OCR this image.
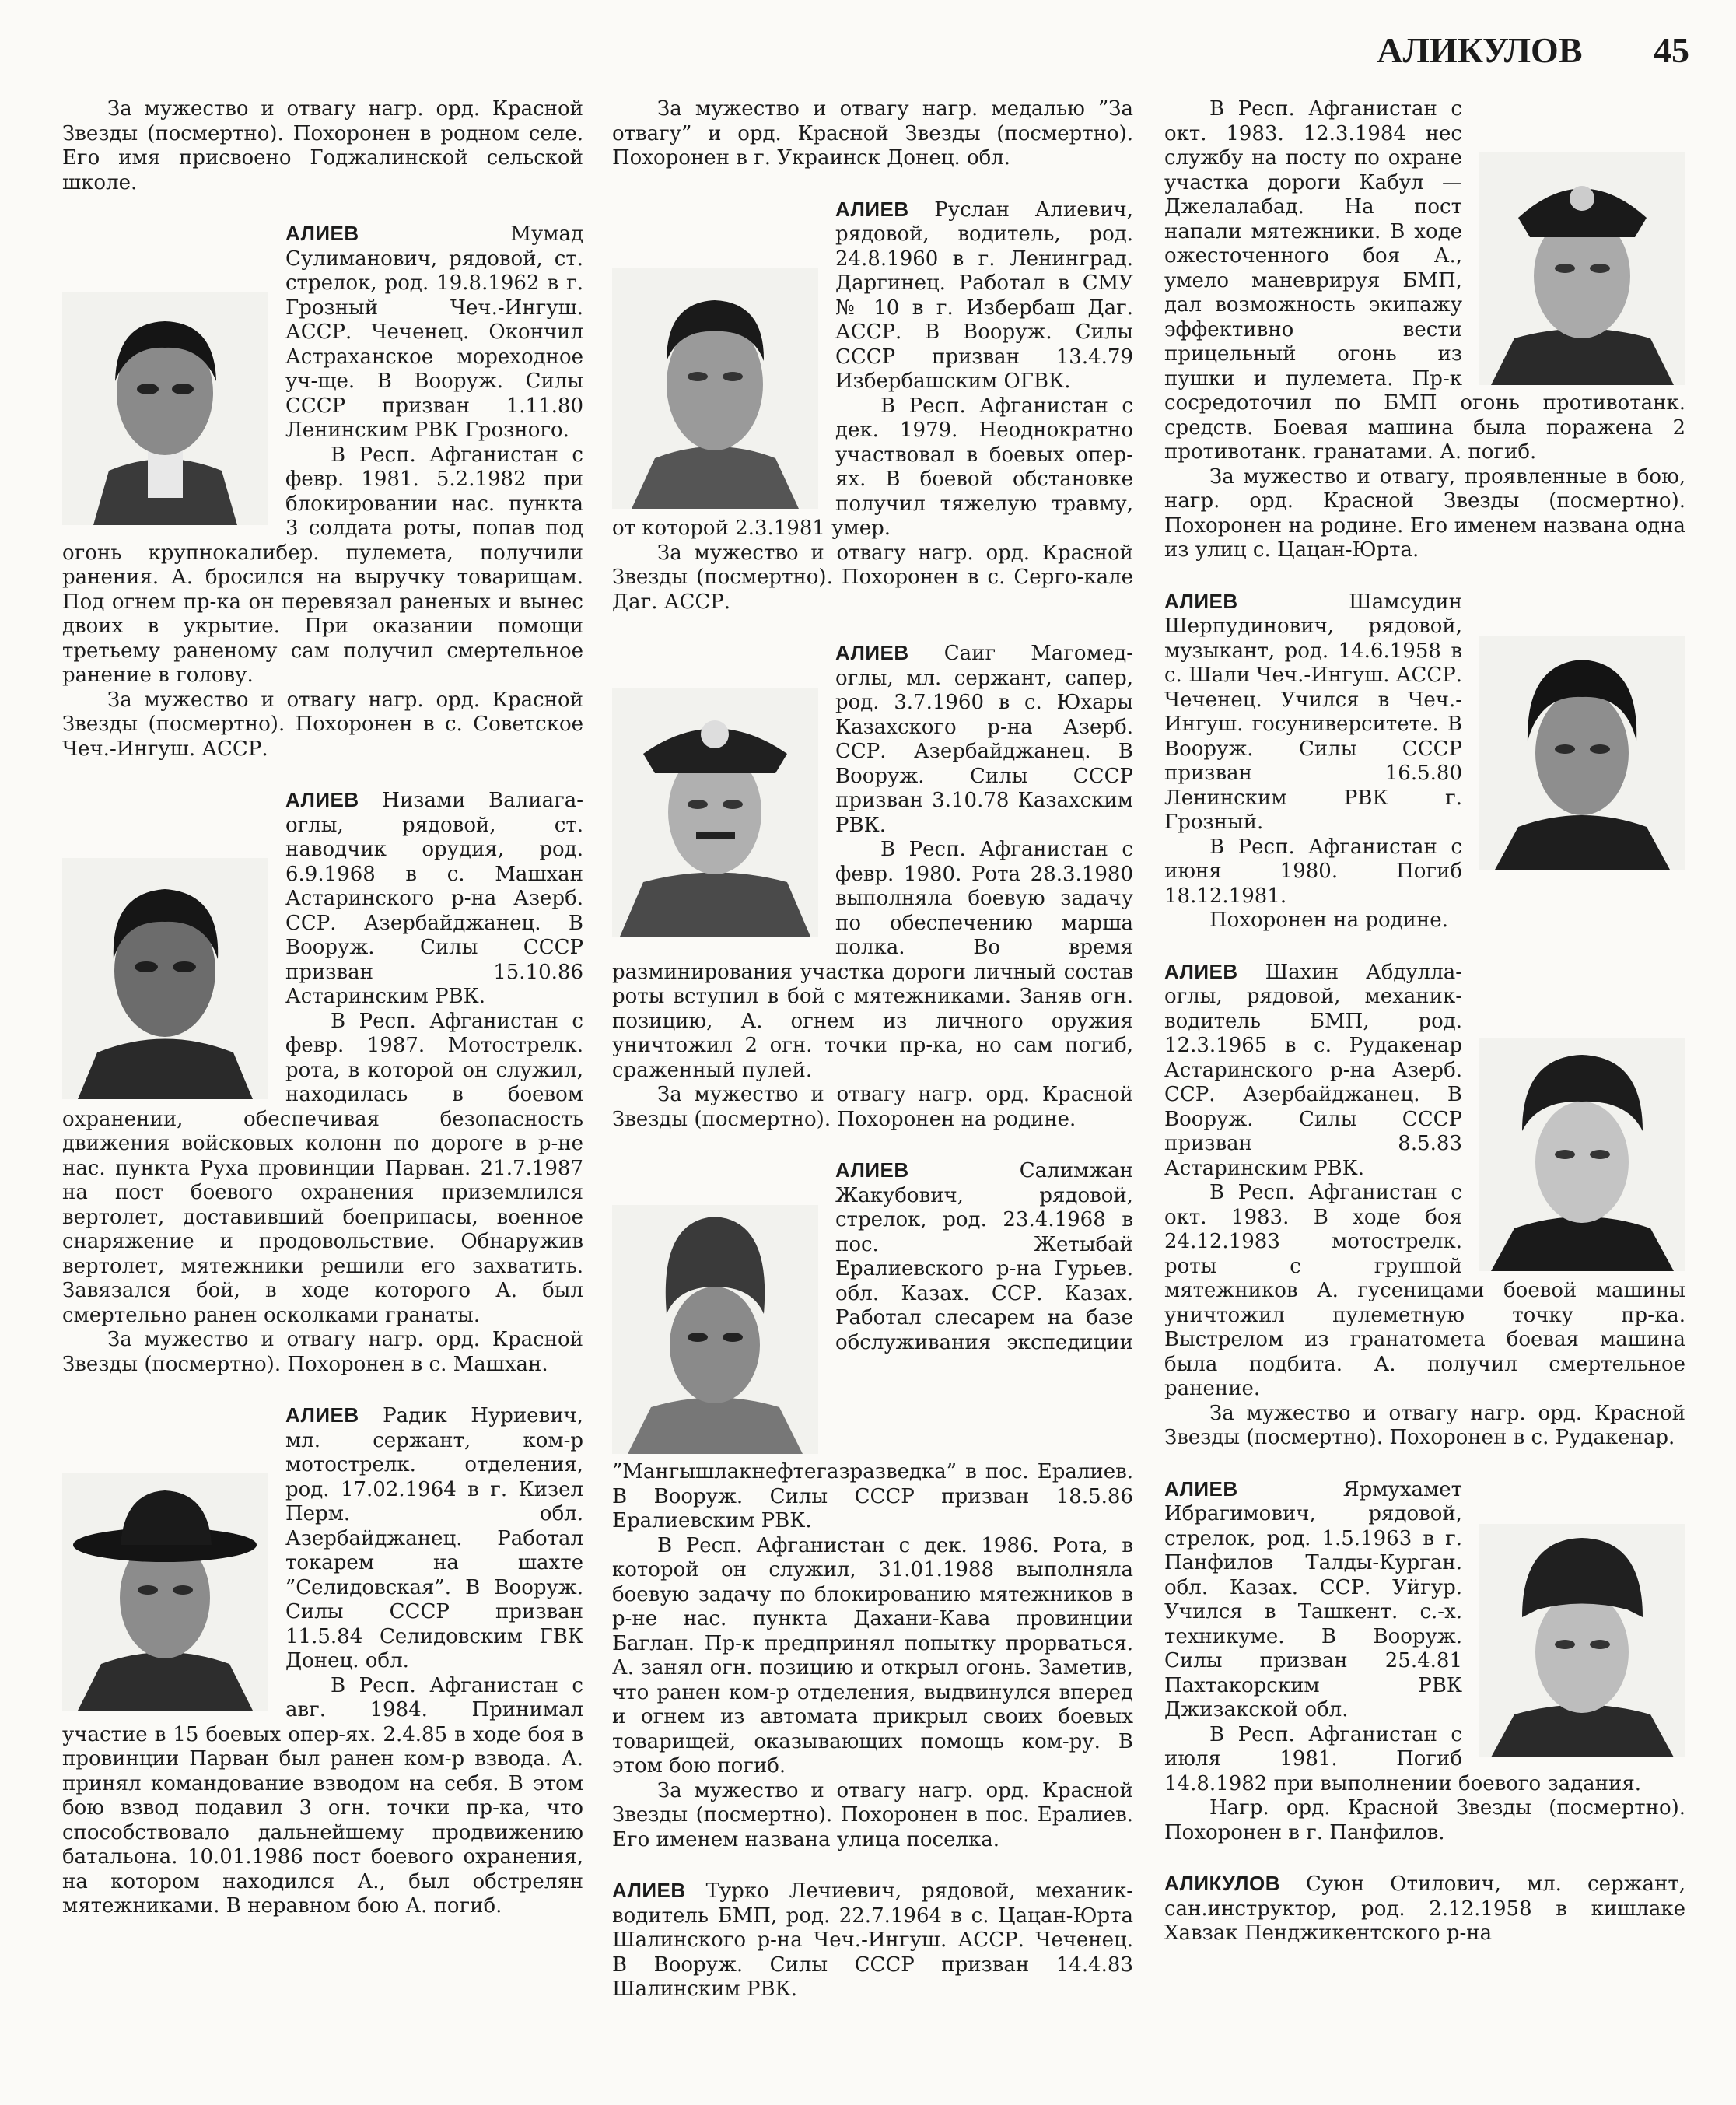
АЛИКУЛОВ 45

За мужество и отвагу нагр. орд. Красной Звезды (посмертно). Похоронен в родном селе. Его имя присвоено Годжалинской сельской школе.

АЛИЕВ Мумад Сулиманович, рядовой, ст. стрелок, род. 19.8.1962 в г. Грозный Чеч.-Ингуш. АССР. Чеченец. Окончил Астраханское мореходное уч-ще. В Вооруж. Силы СССР призван 1.11.80 Ленинским РВК Грозного.

В Респ. Афганистан с февр. 1981. 5.2.1982 при блокировании нас. пункта 3 солдата роты, попав под огонь крупнокалибер. пулемета, получили ранения. А. бросился на выручку товарищам. Под огнем пр-ка он перевязал раненых и вынес двоих в укрытие. При оказании помощи третьему раненому сам получил смертельное ранение в голову.

За мужество и отвагу нагр. орд. Красной Звезды (посмертно). Похоронен в с. Советское Чеч.-Ингуш. АССР.

АЛИЕВ Низами Валиага-оглы, рядовой, ст. наводчик орудия, род. 6.9.1968 в с. Машхан Астаринского р-на Азерб. ССР. Азербайджанец. В Вооруж. Силы СССР призван 15.10.86 Астаринским РВК.

В Респ. Афганистан с февр. 1987. Мотострелк. рота, в которой он служил, находилась в боевом охранении, обеспечивая безопасность движения войсковых колонн по дороге в р-не нас. пункта Руха провинции Парван. 21.7.1987 на пост боевого охранения приземлился вертолет, доставивший боеприпасы, военное снаряжение и продовольствие. Обнаружив вертолет, мятежники решили его захватить. Завязался бой, в ходе которого А. был смертельно ранен осколками гранаты.

За мужество и отвагу нагр. орд. Красной Звезды (посмертно). Похоронен в с. Машхан.

АЛИЕВ Радик Нуриевич, мл. сержант, ком-р мотострелк. отделения, род. 17.02.1964 в г. Кизел Перм. обл. Азербайджанец. Работал токарем на шахте ”Селидовская”. В Вооруж. Силы СССР призван 11.5.84 Селидовским ГВК Донец. обл.

В Респ. Афганистан с авг. 1984. Принимал участие в 15 боевых опер-ях. 2.4.85 в ходе боя в провинции Парван был ранен ком-р взвода. А. принял командование взводом на себя. В этом бою взвод подавил 3 огн. точки пр-ка, что способствовало дальнейшему продвижению батальона. 10.01.1986 пост боевого охранения, на котором находился А., был обстрелян мятежниками. В неравном бою А. погиб.

За мужество и отвагу нагр. медалью ”За отвагу” и орд. Красной Звезды (посмертно). Похоронен в г. Украинск Донец. обл.

АЛИЕВ Руслан Алиевич, рядовой, водитель, род. 24.8.1960 в г. Ленинград. Даргинец. Работал в СМУ № 10 в г. Избербаш Даг. АССР. В Вооруж. Силы СССР призван 13.4.79 Избербашским ОГВК.

В Респ. Афганистан с дек. 1979. Неоднократно участвовал в боевых опер-ях. В боевой обстановке получил тяжелую травму, от которой 2.3.1981 умер.

За мужество и отвагу нагр. орд. Красной Звезды (посмертно). Похоронен в с. Серго-кале Даг. АССР.

АЛИЕВ Саиг Магомед-оглы, мл. сержант, сапер, род. 3.7.1960 в с. Юхары Казахского р-на Азерб. ССР. Азербайджанец. В Вооруж. Силы СССР призван 3.10.78 Казахским РВК.

В Респ. Афганистан с февр. 1980. Рота 28.3.1980 выполняла боевую задачу по обеспечению марша полка. Во время разминирования участка дороги личный состав роты вступил в бой с мятежниками. Заняв огн. позицию, А. огнем из личного оружия уничтожил 2 огн. точки пр-ка, но сам погиб, сраженный пулей.

За мужество и отвагу нагр. орд. Красной Звезды (посмертно). Похоронен на родине.

АЛИЕВ Салимжан Жакубович, рядовой, стрелок, род. 23.4.1968 в пос. Жетыбай Ералиевского р-на Гурьев. обл. Казах. ССР. Казах. Работал слесарем на базе обслуживания экспедиции ”Мангышлакнефтегазразведка” в пос. Ералиев. В Вооруж. Силы СССР призван 18.5.86 Ералиевским РВК.

В Респ. Афганистан с дек. 1986. Рота, в которой он служил, 31.01.1988 выполняла боевую задачу по блокированию мятежников в р-не нас. пункта Дахани-Кава провинции Баглан. Пр-к предпринял попытку прорваться. А. занял огн. позицию и открыл огонь. Заметив, что ранен ком-р отделения, выдвинулся вперед и огнем из автомата прикрыл своих боевых товарищей, оказывающих помощь ком-ру. В этом бою погиб.

За мужество и отвагу нагр. орд. Красной Звезды (посмертно). Похоронен в пос. Ералиев. Его именем названа улица поселка.

АЛИЕВ Турко Лечиевич, рядовой, механик-водитель БМП, род. 22.7.1964 в с. Цацан-Юрта Шалинского р-на Чеч.-Ингуш. АССР. Чеченец. В Вооруж. Силы СССР призван 14.4.83 Шалинским РВК.

В Респ. Афганистан с окт. 1983. 12.3.1984 нес службу на посту по охране участка дороги Кабул — Джелалабад. На пост напали мятежники. В ходе ожесточенного боя А., умело маневрируя БМП, дал возможность экипажу эффективно вести прицельный огонь из пушки и пулемета. Пр-к сосредоточил по БМП огонь противотанк. средств. Боевая машина была поражена 2 противотанк. гранатами. А. погиб.

За мужество и отвагу, проявленные в бою, нагр. орд. Красной Звезды (посмертно). Похоронен на родине. Его именем названа одна из улиц с. Цацан-Юрта.

АЛИЕВ Шамсудин Шерпудинович, рядовой, музыкант, род. 14.6.1958 в с. Шали Чеч.-Ингуш. АССР. Чеченец. Учился в Чеч.-Ингуш. госуниверситете. В Вооруж. Силы СССР призван 16.5.80 Ленинским РВК г. Грозный.

В Респ. Афганистан с июня 1980. Погиб 18.12.1981.

Похоронен на родине.

АЛИЕВ Шахин Абдулла-оглы, рядовой, механик-водитель БМП, род. 12.3.1965 в с. Рудакенар Астаринского р-на Азерб. ССР. Азербайджанец. В Вооруж. Силы СССР призван 8.5.83 Астаринским РВК.

В Респ. Афганистан с окт. 1983. В ходе боя 24.12.1983 мотострелк. роты с группой мятежников А. гусеницами боевой машины уничтожил пулеметную точку пр-ка. Выстрелом из гранатомета боевая машина была подбита. А. получил смертельное ранение.

За мужество и отвагу нагр. орд. Красной Звезды (посмертно). Похоронен в с. Рудакенар.

АЛИЕВ Ярмухамет Ибрагимович, рядовой, стрелок, род. 1.5.1963 в г. Панфилов Талды-Курган. обл. Казах. ССР. Уйгур. Учился в Ташкент. с.-х. техникуме. В Вооруж. Силы призван 25.4.81 Пахтакорским РВК Джизакской обл.

В Респ. Афганистан с июля 1981. Погиб 14.8.1982 при выполнении боевого задания.

Нагр. орд. Красной Звезды (посмертно). Похоронен в г. Панфилов.

АЛИКУЛОВ Суюн Отилович, мл. сержант, сан.инструктор, род. 2.12.1958 в кишлаке Хавзак Пенджикентского р-на
